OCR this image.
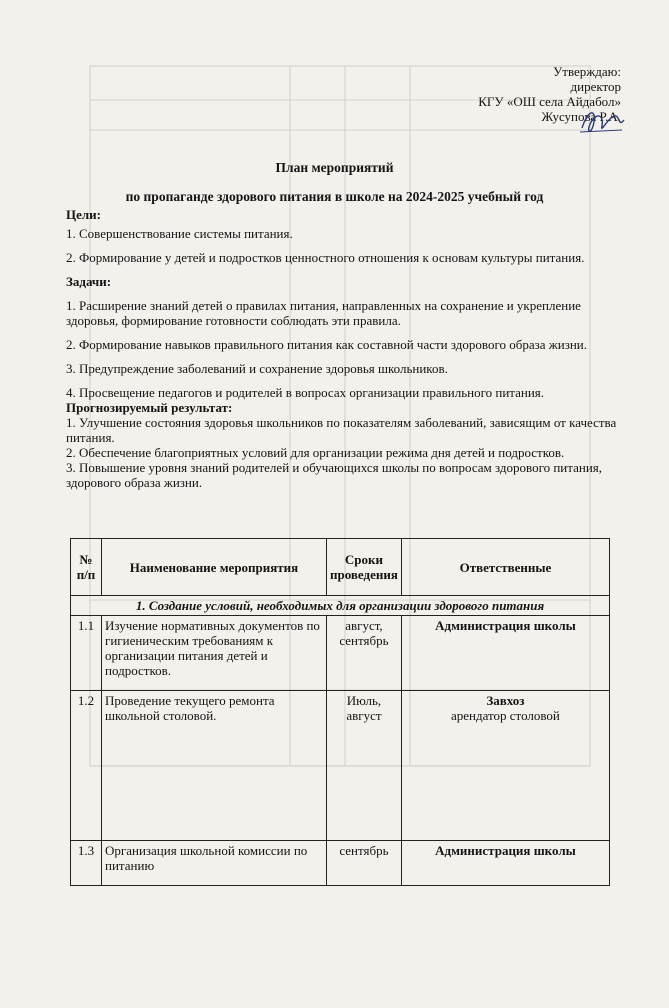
Утверждаю:
директор
КГУ «ОШ села Айдабол»
Жусупова Р.А.
План мероприятий
по пропаганде здорового питания в школе на 2024-2025 учебный год

Цели:

1. Совершенствование системы питания.

2. Формирование у детей и подростков ценностного отношения к основам культуры питания.

Задачи:

1. Расширение знаний детей о правилах питания, направленных на сохранение и укрепление здоровья, формирование готовности соблюдать эти правила.

2. Формирование навыков правильного питания как составной части здорового образа жизни.

3. Предупреждение заболеваний и сохранение здоровья школьников.

4. Просвещение педагогов и родителей в вопросах организации правильного питания.

Прогнозируемый результат:

1. Улучшение состояния здоровья школьников по показателям заболеваний, зависящим от качества питания.

2. Обеспечение благоприятных условий для организации режима дня детей и подростков.

3. Повышение уровня знаний родителей и обучающихся школы по вопросам здорового питания, здорового образа жизни.

№ п/п	Наименование мероприятия	Сроки проведения	Ответственные
1. Создание условий, необходимых для организации здорового питания			
1.1	Изучение нормативных документов по гигиеническим требованиям к организации питания детей и подростков.	август, сентябрь	Администрация школы
1.2	Проведение текущего ремонта школьной столовой.	Июль, август	Завхоз
арендатор столовой

1.3	Организация школьной комиссии по питанию	сентябрь	Администрация школы
